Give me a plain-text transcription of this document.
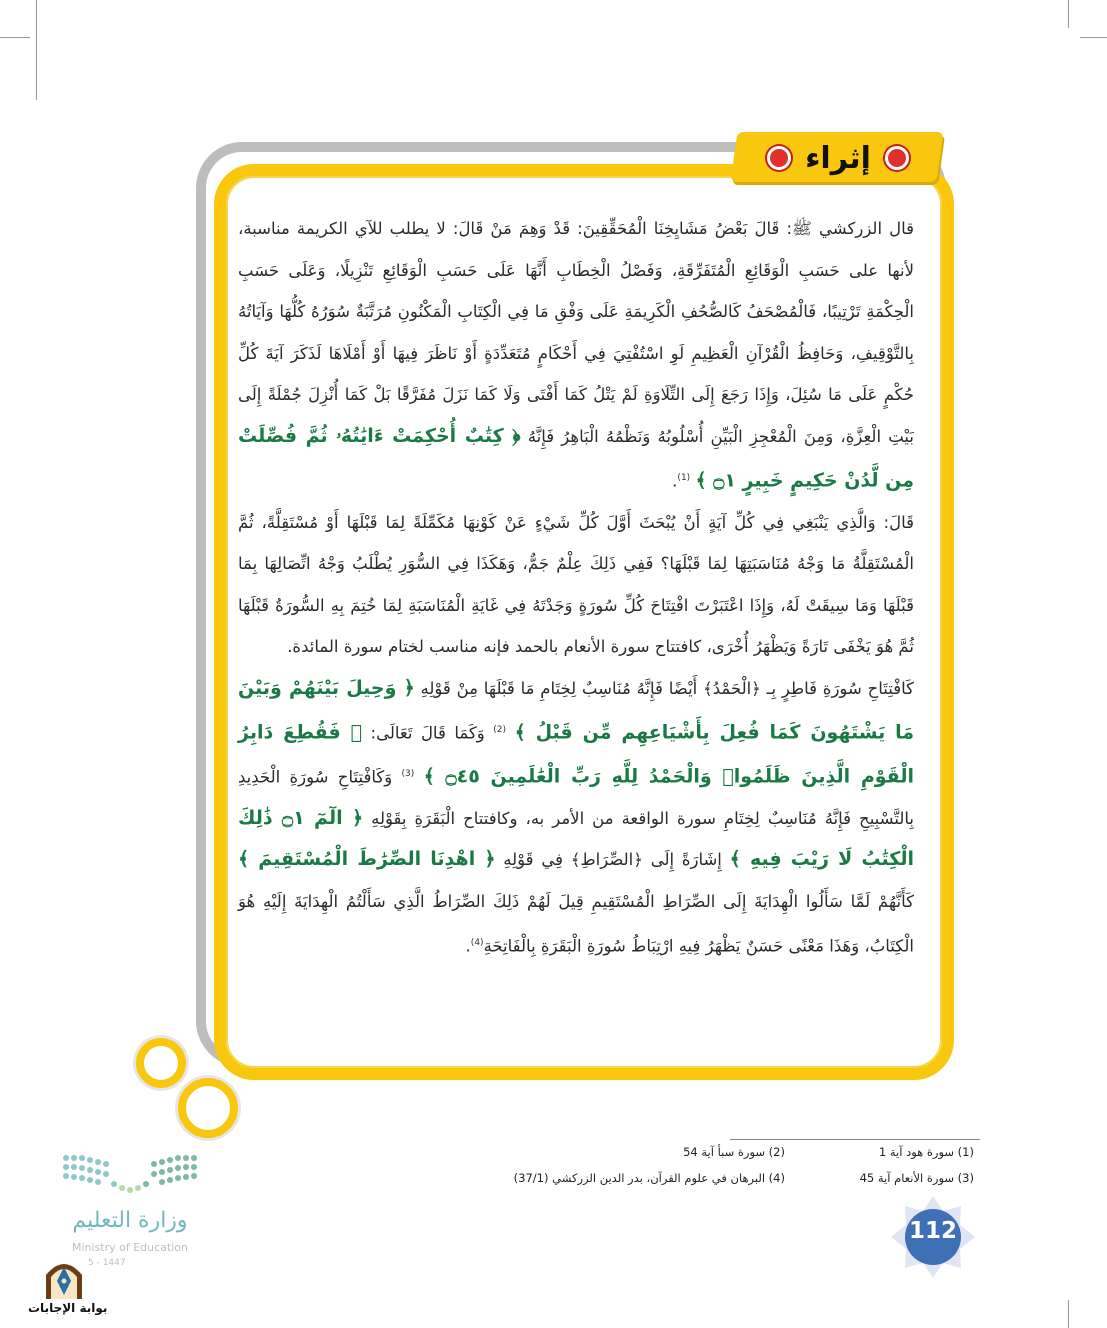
إثراء

قال الزركشي ﷺ: قَالَ بَعْضُ مَشَايِخِنَا الْمُحَقِّقِينَ: قَدْ وَهِمَ مَنْ قَالَ: لا يطلب للآي الكريمة مناسبة، لأنها على حَسَبِ الْوَقَائِعِ الْمُتَفَرِّقَةِ، وَفَصْلُ الْخِطَابِ أَنَّهَا عَلَى حَسَبِ الْوَقَائِعِ تَنْزِيلًا، وَعَلَى حَسَبِ الْحِكْمَةِ تَرْتِيبًا، فَالْمُصْحَفُ كَالصُّحُفِ الْكَرِيمَةِ عَلَى وَفْقِ مَا فِي الْكِتَابِ الْمَكْنُونِ مُرَتَّبَةٌ سُوَرُهُ كُلُّهَا وَآيَاتُهُ بِالتَّوْقِيفِ، وَحَافِظُ الْقُرْآنِ الْعَظِيمِ لَوِ اسْتُفْتِيَ فِي أَحْكَامٍ مُتَعَدِّدَةٍ أَوْ نَاظَرَ فِيهَا أَوْ أَمْلَاهَا لَذَكَرَ آيَةَ كُلِّ حُكْمٍ عَلَى مَا سُئِلَ، وَإِذَا رَجَعَ إِلَى التِّلَاوَةِ لَمْ يَتْلُ كَمَا أَفْتَى وَلَا كَمَا نَزَلَ مُفَرَّقًا بَلْ كَمَا أُنْزِلَ جُمْلَةً إِلَى بَيْتِ الْعِزَّةِ، وَمِنَ الْمُعْجِزِ الْبَيِّنِ أُسْلُوبُهُ وَنَظْمُهُ الْبَاهِرُ فَإِنَّهُ ﴿ كِتَٰبٌ أُحْكِمَتْ ءَايَٰتُهُۥ ثُمَّ فُصِّلَتْ مِن لَّدُنْ حَكِيمٍ خَبِيرٍ ۝١ ﴾ $^{(1)}$.

قَالَ: وَالَّذِي يَنْبَغِي فِي كُلِّ آيَةٍ أَنْ يُبْحَثَ أَوَّلَ كُلِّ شَيْءٍ عَنْ كَوْنِهَا مُكَمِّلَةً لِمَا قَبْلَهَا أَوْ مُسْتَقِلَّةً، ثُمَّ الْمُسْتَقِلَّةُ مَا وَجْهُ مُنَاسَبَتِهَا لِمَا قَبْلَهَا؟ فَفِي ذَلِكَ عِلْمٌ جَمٌّ، وَهَكَذَا فِي السُّوَرِ يُطْلَبُ وَجْهُ اتِّصَالِهَا بِمَا قَبْلَهَا وَمَا سِيقَتْ لَهُ، وَإِذَا اعْتَبَرْتَ افْتِتَاحَ كُلِّ سُورَةٍ وَجَدْتَهُ فِي غَايَةِ الْمُنَاسَبَةِ لِمَا خُتِمَ بِهِ السُّورَةُ قَبْلَهَا ثُمَّ هُوَ يَخْفَى تَارَةً وَيَظْهَرُ أُخْرَى، كافتتاح سورة الأنعام بالحمد فإنه مناسب لختام سورة المائدة.

كَافْتِتَاحِ سُورَةِ فَاطِرٍ بِـ ﴿الْحَمْدُ﴾ أَيْضًا فَإِنَّهُ مُنَاسِبٌ لِخِتَامِ مَا قَبْلَهَا مِنْ قَوْلِهِ ﴿ وَحِيلَ بَيْنَهُمْ وَبَيْنَ مَا يَشْتَهُونَ كَمَا فُعِلَ بِأَشْيَاعِهِم مِّن قَبْلُ ﴾ $^{(2)}$ وَكَمَا قَالَ تَعَالَى: ﴿ فَقُطِعَ دَابِرُ الْقَوْمِ الَّذِينَ ظَلَمُوا۟ وَالْحَمْدُ لِلَّهِ رَبِّ الْعَٰلَمِينَ ۝٤٥ ﴾ $^{(3)}$ وَكَافْتِتَاحِ سُورَةِ الْحَدِيدِ بِالتَّسْبِيحِ فَإِنَّهُ مُنَاسِبٌ لِخِتَامِ سورة الواقعة من الأمر به، وكافتتاح الْبَقَرَةِ بِقَوْلِهِ ﴿ الٓمٓ ۝١ ذَٰلِكَ الْكِتَٰبُ لَا رَيْبَ فِيهِ ﴾ إِشَارَةً إِلَى ﴿الصِّرَاطِ﴾ فِي قَوْلِهِ ﴿ اهْدِنَا الصِّرَٰطَ الْمُسْتَقِيمَ ﴾ كَأَنَّهُمْ لَمَّا سَأَلُوا الْهِدَايَةَ إِلَى الصِّرَاطِ الْمُسْتَقِيمِ قِيلَ لَهُمْ ذَلِكَ الصِّرَاطُ الَّذِي سَأَلْتُمُ الْهِدَايَةَ إِلَيْهِ هُوَ الْكِتَابُ، وَهَذَا مَعْنًى حَسَنٌ يَظْهَرُ فِيهِ ارْتِبَاطُ سُورَةِ الْبَقَرَةِ بِالْفَاتِحَةِ$^{(4)}$.

(1) سورة هود آية 1
(2) سورة سبأ آية 54
(3) سورة الأنعام آية 45
(4) البرهان في علوم القرآن، بدر الدين الزركشي (37/1)
112
وزارة التعليم
Ministry of Education
5 - 1447
بوابة الإجابات
